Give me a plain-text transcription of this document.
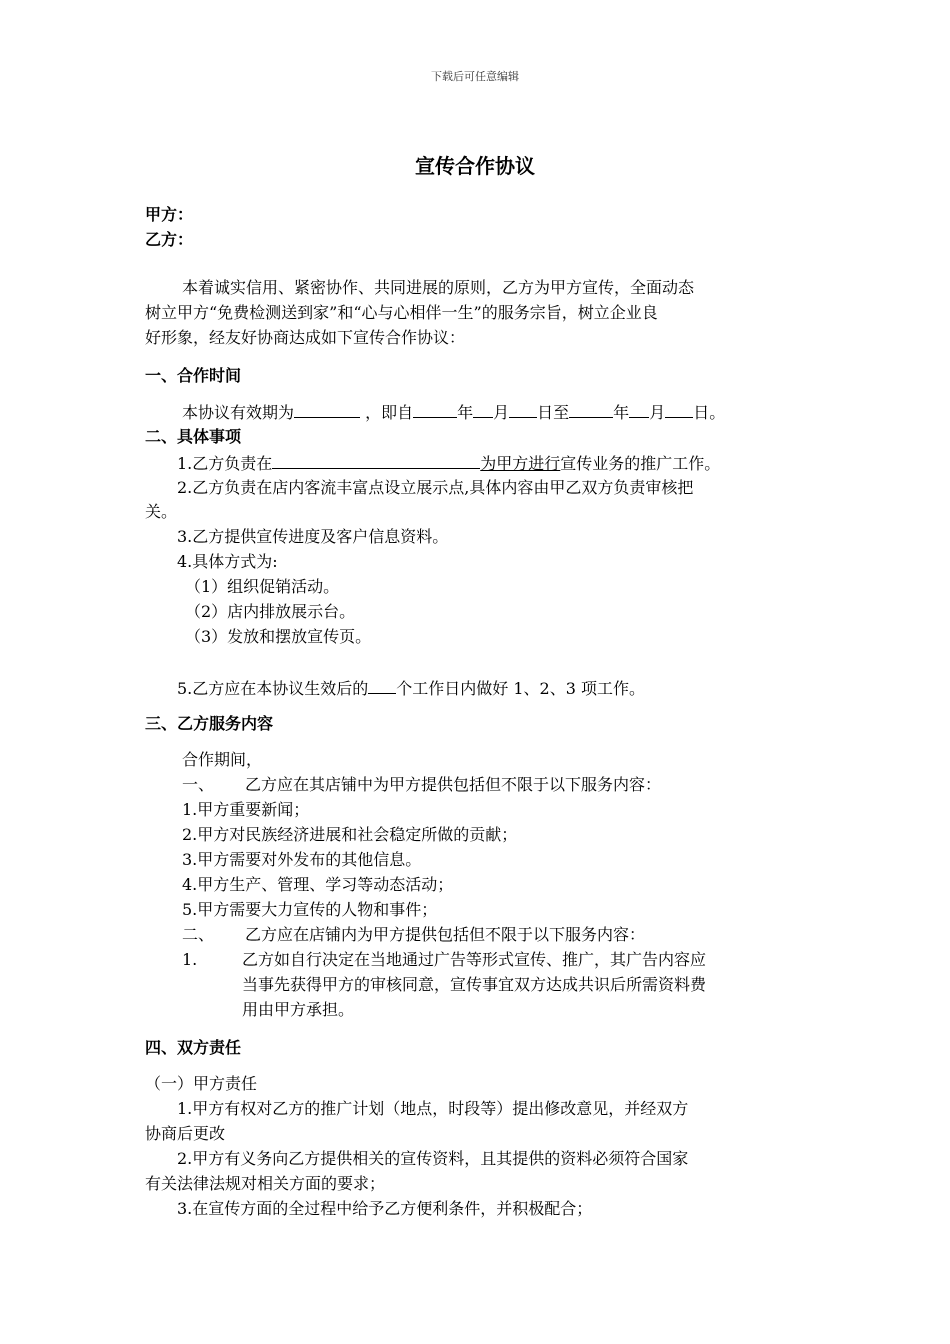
下载后可任意编辑
宣传合作协议
甲方：
乙方：
本着诚实信用、紧密协作、共同进展的原则，乙方为甲方宣传，全面动态
树立甲方“免费检测送到家”和“心与心相伴一生”的服务宗旨，树立企业良
好形象，经友好协商达成如下宣传合作协议：
一、合作时间
本协议有效期为	，即自	年 月 日至	年 月 日。
二、具体事项
1.乙方负责在	为甲方进行宣传业务的推广工作。
2.乙方负责在店内客流丰富点设立展示点,具体内容由甲乙双方负责审核把
关。
3.乙方提供宣传进度及客户信息资料。
4.具体方式为:
（1）组织促销活动。
（2）店内排放展示台。
（3）发放和摆放宣传页。
5.乙方应在本协议生效后的 个工作日内做好 1、2、3 项工作。
三、乙方服务内容
合作期间，
一、 乙方应在其店铺中为甲方提供包括但不限于以下服务内容：
1.甲方重要新闻；
2.甲方对民族经济进展和社会稳定所做的贡献；
3.甲方需要对外发布的其他信息。
4.甲方生产、管理、学习等动态活动；
5.甲方需要大力宣传的人物和事件；
二、 乙方应在店铺内为甲方提供包括但不限于以下服务内容：
1.	乙方如自行决定在当地通过广告等形式宣传、推广，其广告内容应
当事先获得甲方的审核同意，宣传事宜双方达成共识后所需资料费
用由甲方承担。
四、双方责任
（一）甲方责任
1.甲方有权对乙方的推广计划（地点，时段等）提出修改意见，并经双方
协商后更改
2.甲方有义务向乙方提供相关的宣传资料，且其提供的资料必须符合国家
有关法律法规对相关方面的要求；
3.在宣传方面的全过程中给予乙方便利条件，并积极配合；
